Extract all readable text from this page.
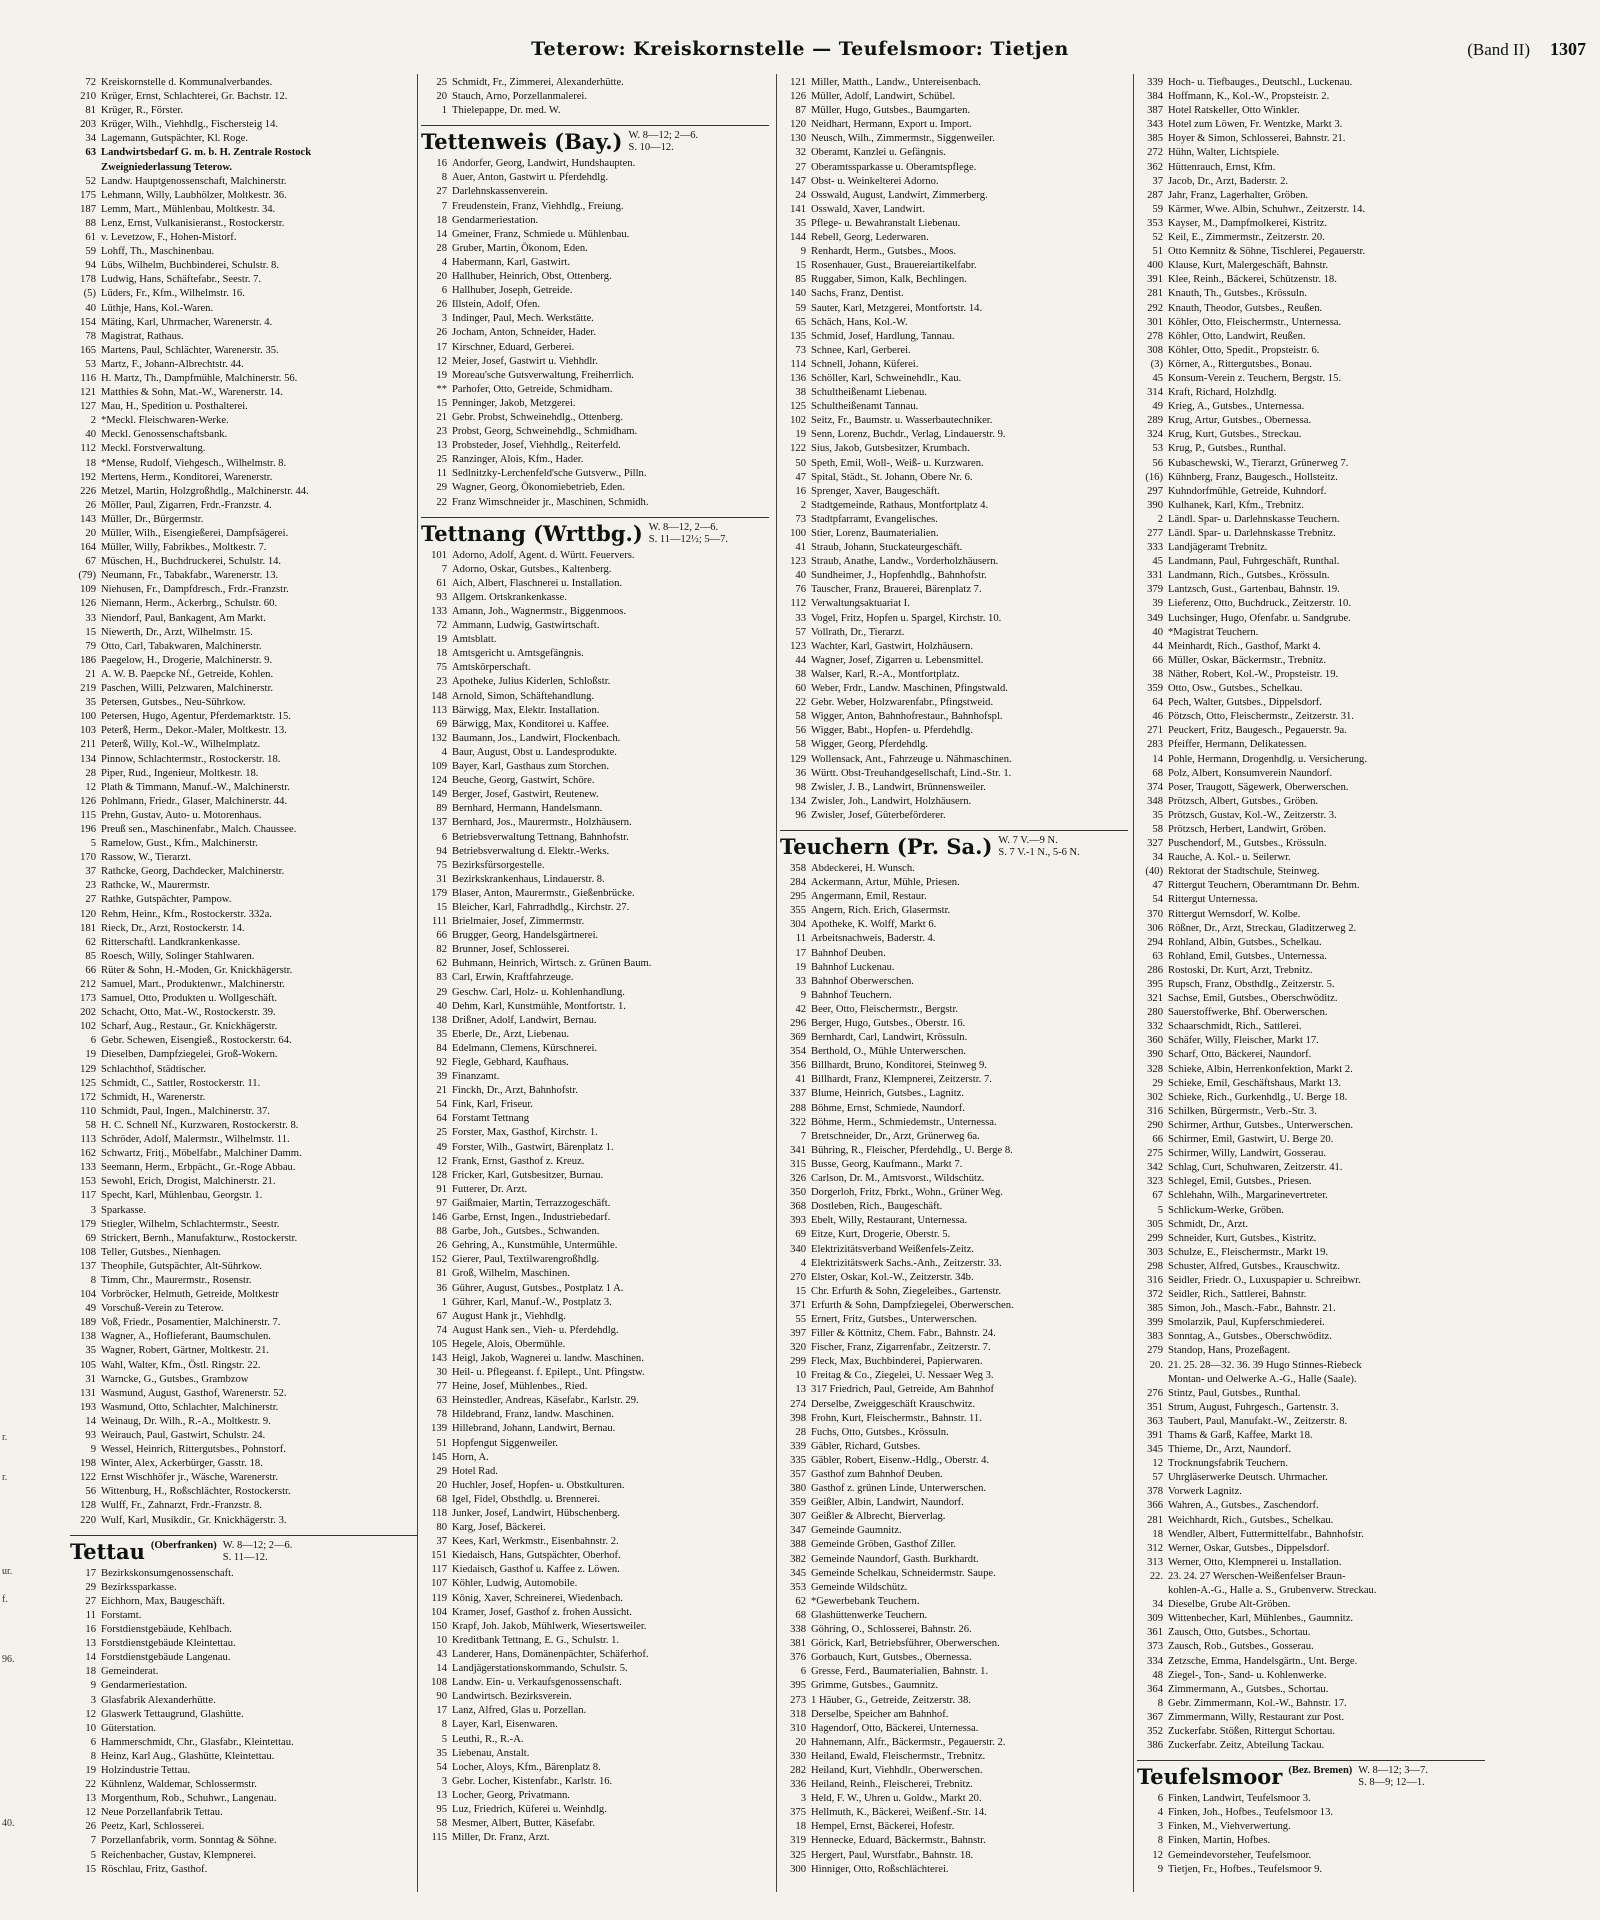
Teterow: Kreiskornstelle — Teufelsmoor: Tietjen	(Band II) 1307
r.
r.
ur.
f.
96.
40.
72 Kreiskornstelle d. Kommunalverbandes.
210 Krüger, Ernst, Schlachterei, Gr. Bachstr. 12.
81 Krüger, R., Förster.
203 Krüger, Wilh., Viehhdlg., Fischersteig 14.
34 Lagemann, Gutspächter, Kl. Roge.
63 Landwirtsbedarf G. m. b. H. Zentrale Rostock
Zweigniederlassung Teterow.
52 Landw. Hauptgenossenschaft, Malchinerstr.
175 Lehmann, Willy, Laubhölzer, Moltkestr. 36.
187 Lemm, Mart., Mühlenbau, Moltkestr. 34.
88 Lenz, Ernst, Vulkanisieranst., Rostockerstr.
61 v. Levetzow, F., Hohen-Mistorf.
59 Lohff, Th., Maschinenbau.
94 Lübs, Wilhelm, Buchbinderei, Schulstr. 8.
178 Ludwig, Hans, Schäftefabr., Seestr. 7.
(5) Lüders, Fr., Kfm., Wilhelmstr. 16.
40 Lüthje, Hans, Kol.-Waren.
154 Mäting, Karl, Uhrmacher, Warenerstr. 4.
78 Magistrat, Rathaus.
165 Martens, Paul, Schlächter, Warenerstr. 35.
53 Martz, F., Johann-Albrechtstr. 44.
116 H. Martz, Th., Dampfmühle, Malchinerstr. 56.
121 Matthies & Sohn, Mat.-W., Warenerstr. 14.
127 Mau, H., Spedition u. Posthalterei.
2 *Meckl. Fleischwaren-Werke.
40 Meckl. Genossenschaftsbank.
112 Meckl. Forstverwaltung.
18 *Mense, Rudolf, Viehgesch., Wilhelmstr. 8.
192 Mertens, Herm., Konditorei, Warenerstr.
226 Metzel, Martin, Holzgroßhdlg., Malchinerstr. 44.
26 Möller, Paul, Zigarren, Frdr.-Franzstr. 4.
143 Müller, Dr., Bürgermstr.
20 Müller, Wilh., Eisengießerei, Dampfsägerei.
164 Müller, Willy, Fabrikbes., Moltkestr. 7.
67 Müschen, H., Buchdruckerei, Schulstr. 14.
(79) Neumann, Fr., Tabakfabr., Warenerstr. 13.
109 Niehusen, Fr., Dampfdresch., Frdr.-Franzstr.
126 Niemann, Herm., Ackerbrg., Schulstr. 60.
33 Niendorf, Paul, Bankagent, Am Markt.
15 Niewerth, Dr., Arzt, Wilhelmstr. 15.
79 Otto, Carl, Tabakwaren, Malchinerstr.
186 Paegelow, H., Drogerie, Malchinerstr. 9.
21 A. W. B. Paepcke Nf., Getreide, Kohlen.
219 Paschen, Willi, Pelzwaren, Malchinerstr.
35 Petersen, Gutsbes., Neu-Sührkow.
100 Petersen, Hugo, Agentur, Pferdemarktstr. 15.
103 Peterß, Herm., Dekor.-Maler, Moltkestr. 13.
211 Peterß, Willy, Kol.-W., Wilhelmplatz.
134 Pinnow, Schlachtermstr., Rostockerstr. 18.
28 Piper, Rud., Ingenieur, Moltkestr. 18.
12 Plath & Timmann, Manuf.-W., Malchinerstr.
126 Pohlmann, Friedr., Glaser, Malchinerstr. 44.
115 Prehn, Gustav, Auto- u. Motorenhaus.
196 Preuß sen., Maschinenfabr., Malch. Chaussee.
5 Ramelow, Gust., Kfm., Malchinerstr.
170 Rassow, W., Tierarzt.
37 Rathcke, Georg, Dachdecker, Malchinerstr.
23 Rathcke, W., Maurermstr.
27 Rathke, Gutspächter, Pampow.
120 Rehm, Heinr., Kfm., Rostockerstr. 332a.
181 Rieck, Dr., Arzt, Rostockerstr. 14.
62 Ritterschaftl. Landkrankenkasse.
85 Roesch, Willy, Solinger Stahlwaren.
66 Rüter & Sohn, H.-Moden, Gr. Knickhägerstr.
212 Samuel, Mart., Produktenwr., Malchinerstr.
173 Samuel, Otto, Produkten u. Wollgeschäft.
202 Schacht, Otto, Mat.-W., Rostockerstr. 39.
102 Scharf, Aug., Restaur., Gr. Knickhägerstr.
6 Gebr. Schewen, Eisengieß., Rostockerstr. 64.
19 Dieselben, Dampfziegelei, Groß-Wokern.
129 Schlachthof, Städtischer.
125 Schmidt, C., Sattler, Rostockerstr. 11.
172 Schmidt, H., Warenerstr.
110 Schmidt, Paul, Ingen., Malchinerstr. 37.
58 H. C. Schnell Nf., Kurzwaren, Rostockerstr. 8.
113 Schröder, Adolf, Malermstr., Wilhelmstr. 11.
162 Schwartz, Fritj., Möbelfabr., Malchiner Damm.
133 Seemann, Herm., Erbpächt., Gr.-Roge Abbau.
153 Sewohl, Erich, Drogist, Malchinerstr. 21.
117 Specht, Karl, Mühlenbau, Georgstr. 1.
3 Sparkasse.
179 Stiegler, Wilhelm, Schlachtermstr., Seestr.
69 Strickert, Bernh., Manufakturw., Rostockerstr.
108 Teller, Gutsbes., Nienhagen.
137 Theophile, Gutspächter, Alt-Sührkow.
8 Timm, Chr., Maurermstr., Rosenstr.
104 Vorbröcker, Helmuth, Getreide, Moltkestr
49 Vorschuß-Verein zu Teterow.
189 Voß, Friedr., Posamentier, Malchinerstr. 7.
138 Wagner, A., Hoflieferant, Baumschulen.
35 Wagner, Robert, Gärtner, Moltkestr. 21.
105 Wahl, Walter, Kfm., Östl. Ringstr. 22.
31 Warncke, G., Gutsbes., Grambzow
131 Wasmund, August, Gasthof, Warenerstr. 52.
193 Wasmund, Otto, Schlachter, Malchinerstr.
14 Weinaug, Dr. Wilh., R.-A., Moltkestr. 9.
93 Weirauch, Paul, Gastwirt, Schulstr. 24.
9 Wessel, Heinrich, Rittergutsbes., Pohnstorf.
198 Winter, Alex, Ackerbürger, Gasstr. 18.
122 Ernst Wischhöfer jr., Wäsche, Warenerstr.
56 Wittenburg, H., Roßschlächter, Rostockerstr.
128 Wulff, Fr., Zahnarzt, Frdr.-Franzstr. 8.
220 Wulf, Karl, Musikdir., Gr. Knickhägerstr. 3.
Tettau (Oberfranken) W. 8—12; 2—6.
S. 11—12.
17 Bezirkskonsumgenossenschaft.
29 Bezirkssparkasse.
27 Eichhorn, Max, Baugeschäft.
11 Forstamt.
16 Forstdienstgebäude, Kehlbach.
13 Forstdienstgebäude Kleintettau.
14 Forstdienstgebäude Langenau.
18 Gemeinderat.
9 Gendarmeriestation.
3 Glasfabrik Alexanderhütte.
12 Glaswerk Tettaugrund, Glashütte.
10 Güterstation.
6 Hammerschmidt, Chr., Glasfabr., Kleintettau.
8 Heinz, Karl Aug., Glashütte, Kleintettau.
19 Holzindustrie Tettau.
22 Kühnlenz, Waldemar, Schlossermstr.
13 Morgenthum, Rob., Schuhwr., Langenau.
12 Neue Porzellanfabrik Tettau.
26 Peetz, Karl, Schlosserei.
7 Porzellanfabrik, vorm. Sonntag & Söhne.
5 Reichenbacher, Gustav, Klempnerei.
15 Röschlau, Fritz, Gasthof.
25 Schmidt, Fr., Zimmerei, Alexanderhütte.
20 Stauch, Arno, Porzellanmalerei.
1 Thielepappe, Dr. med. W.
Tettenweis (Bay.) W. 8—12; 2—6.
S. 10—12.
16 Andorfer, Georg, Landwirt, Hundshaupten.
8 Auer, Anton, Gastwirt u. Pferdehdlg.
27 Darlehnskassenverein.
7 Freudenstein, Franz, Viehhdlg., Freiung.
18 Gendarmeriestation.
14 Gmeiner, Franz, Schmiede u. Mühlenbau.
28 Gruber, Martin, Ökonom, Eden.
4 Habermann, Karl, Gastwirt.
20 Hallhuber, Heinrich, Obst, Ottenberg.
6 Hallhuber, Joseph, Getreide.
26 Illstein, Adolf, Ofen.
3 Indinger, Paul, Mech. Werkstätte.
26 Jocham, Anton, Schneider, Hader.
17 Kirschner, Eduard, Gerberei.
12 Meier, Josef, Gastwirt u. Viehhdlr.
19 Moreau'sche Gutsverwaltung, Freiherrlich.
** Parhofer, Otto, Getreide, Schmidham.
15 Penninger, Jakob, Metzgerei.
21 Gebr. Probst, Schweinehdlg., Ottenberg.
23 Probst, Georg, Schweinehdlg., Schmidham.
13 Probsteder, Josef, Viehhdlg., Reiterfeld.
25 Ranzinger, Alois, Kfm., Hader.
11 Sedlnitzky-Lerchenfeld'sche Gutsverw., Pilln.
29 Wagner, Georg, Ökonomiebetrieb, Eden.
22 Franz Wimschneider jr., Maschinen, Schmidh.
Tettnang (Wrttbg.) W. 8—12, 2—6.
S. 11—12½; 5—7.
101 Adorno, Adolf, Agent. d. Württ. Feuervers.
7 Adorno, Oskar, Gutsbes., Kaltenberg.
61 Aich, Albert, Flaschnerei u. Installation.
93 Allgem. Ortskrankenkasse.
133 Amann, Joh., Wagnermstr., Biggenmoos.
72 Ammann, Ludwig, Gastwirtschaft.
19 Amtsblatt.
18 Amtsgericht u. Amtsgefängnis.
75 Amtskörperschaft.
23 Apotheke, Julius Kiderlen, Schloßstr.
148 Arnold, Simon, Schäftehandlung.
113 Bärwigg, Max, Elektr. Installation.
69 Bärwigg, Max, Konditorei u. Kaffee.
132 Baumann, Jos., Landwirt, Flockenbach.
4 Baur, August, Obst u. Landesprodukte.
109 Bayer, Karl, Gasthaus zum Storchen.
124 Beuche, Georg, Gastwirt, Schöre.
149 Berger, Josef, Gastwirt, Reutenew.
89 Bernhard, Hermann, Handelsmann.
137 Bernhard, Jos., Maurermstr., Holzhäusern.
6 Betriebsverwaltung Tettnang, Bahnhofstr.
94 Betriebsverwaltung d. Elektr.-Werks.
75 Bezirksfürsorgestelle.
31 Bezirkskrankenhaus, Lindauerstr. 8.
179 Blaser, Anton, Maurermstr., Gießenbrücke.
15 Bleicher, Karl, Fahrradhdlg., Kirchstr. 27.
111 Brielmaier, Josef, Zimmermstr.
66 Brugger, Georg, Handelsgärtnerei.
82 Brunner, Josef, Schlosserei.
62 Buhmann, Heinrich, Wirtsch. z. Grünen Baum.
83 Carl, Erwin, Kraftfahrzeuge.
29 Geschw. Carl, Holz- u. Kohlenhandlung.
40 Dehm, Karl, Kunstmühle, Montfortstr. 1.
138 Drißner, Adolf, Landwirt, Bernau.
35 Eberle, Dr., Arzt, Liebenau.
84 Edelmann, Clemens, Kürschnerei.
92 Fiegle, Gebhard, Kaufhaus.
39 Finanzamt.
21 Finckh, Dr., Arzt, Bahnhofstr.
54 Fink, Karl, Friseur.
64 Forstamt Tettnang
25 Forster, Max, Gasthof, Kirchstr. 1.
49 Forster, Wilh., Gastwirt, Bärenplatz 1.
12 Frank, Ernst, Gasthof z. Kreuz.
128 Fricker, Karl, Gutsbesitzer, Burnau.
91 Futterer, Dr. Arzt.
97 Gaißmaier, Martin, Terrazzogeschäft.
146 Garbe, Ernst, Ingen., Industriebedarf.
88 Garbe, Joh., Gutsbes., Schwanden.
26 Gehring, A., Kunstmühle, Untermühle.
152 Gierer, Paul, Textilwarengroßhdlg.
81 Groß, Wilhelm, Maschinen.
36 Gührer, August, Gutsbes., Postplatz 1 A.
1 Gührer, Karl, Manuf.-W., Postplatz 3.
67 August Hank jr., Viehhdlg.
74 August Hank sen., Vieh- u. Pferdehdlg.
105 Hegele, Alois, Obermühle.
143 Heigl, Jakob, Wagnerei u. landw. Maschinen.
30 Heil- u. Pflegeanst. f. Epilept., Unt. Pfingstw.
77 Heine, Josef, Mühlenbes., Ried.
63 Heinstedler, Andreas, Käsefabr., Karlstr. 29.
78 Hildebrand, Franz, landw. Maschinen.
139 Hillebrand, Johann, Landwirt, Bernau.
51 Hopfengut Siggenweiler.
145 Horn, A.
29 Hotel Rad.
20 Huchler, Josef, Hopfen- u. Obstkulturen.
68 Igel, Fidel, Obsthdlg. u. Brennerei.
118 Junker, Josef, Landwirt, Hübschenberg.
80 Karg, Josef, Bäckerei.
37 Kees, Karl, Werkmstr., Eisenbahnstr. 2.
151 Kiedaisch, Hans, Gutspächter, Oberhof.
117 Kiedaisch, Gasthof u. Kaffee z. Löwen.
107 Köhler, Ludwig, Automobile.
119 König, Xaver, Schreinerei, Wiedenbach.
104 Kramer, Josef, Gasthof z. frohen Aussicht.
150 Krapf, Joh. Jakob, Mühlwerk, Wiesertsweiler.
10 Kreditbank Tettnang, E. G., Schulstr. 1.
43 Landerer, Hans, Domänenpächter, Schäferhof.
14 Landjägerstationskommando, Schulstr. 5.
108 Landw. Ein- u. Verkaufsgenossenschaft.
90 Landwirtsch. Bezirksverein.
17 Lanz, Alfred, Glas u. Porzellan.
8 Layer, Karl, Eisenwaren.
5 Leuthi, R., R.-A.
35 Liebenau, Anstalt.
54 Locher, Aloys, Kfm., Bärenplatz 8.
3 Gebr. Locher, Kistenfabr., Karlstr. 16.
13 Locher, Georg, Privatmann.
95 Luz, Friedrich, Küferei u. Weinhdlg.
58 Mesmer, Albert, Butter, Käsefabr.
115 Miller, Dr. Franz, Arzt.
121 Miller, Matth., Landw., Untereisenbach.
126 Müller, Adolf, Landwirt, Schübel.
87 Müller, Hugo, Gutsbes., Baumgarten.
120 Neidhart, Hermann, Export u. Import.
130 Neusch, Wilh., Zimmermstr., Siggenweiler.
32 Oberamt, Kanzlei u. Gefängnis.
27 Oberamtssparkasse u. Oberamtspflege.
147 Obst- u. Weinkelterei Adorno.
24 Osswald, August, Landwirt, Zimmerberg.
141 Osswald, Xaver, Landwirt.
35 Pflege- u. Bewahranstalt Liebenau.
144 Rebell, Georg, Lederwaren.
9 Renhardt, Herm., Gutsbes., Moos.
15 Rosenhauer, Gust., Brauereiartikelfabr.
85 Ruggaber, Simon, Kalk, Bechlingen.
140 Sachs, Franz, Dentist.
59 Sauter, Karl, Metzgerei, Montfortstr. 14.
65 Schäch, Hans, Kol.-W.
135 Schmid, Josef, Hardlung, Tannau.
73 Schnee, Karl, Gerberei.
114 Schnell, Johann, Küferei.
136 Schöller, Karl, Schweinehdlr., Kau.
38 Schultheißenamt Liebenau.
125 Schultheißenamt Tannau.
102 Seitz, Fr., Baumstr. u. Wasserbautechniker.
19 Senn, Lorenz, Buchdr., Verlag, Lindauerstr. 9.
122 Sius, Jakob, Gutsbesitzer, Krumbach.
50 Speth, Emil, Woll-, Weiß- u. Kurzwaren.
47 Spital, Städt., St. Johann, Obere Nr. 6.
16 Sprenger, Xaver, Baugeschäft.
2 Stadtgemeinde, Rathaus, Montfortplatz 4.
73 Stadtpfarramt, Evangelisches.
100 Stier, Lorenz, Baumaterialien.
41 Straub, Johann, Stuckateurgeschäft.
123 Straub, Anathe, Landw., Vorderholzhäusern.
40 Sundheimer, J., Hopfenhdlg., Bahnhofstr.
76 Tauscher, Franz, Brauerei, Bärenplatz 7.
112 Verwaltungsaktuariat I.
33 Vogel, Fritz, Hopfen u. Spargel, Kirchstr. 10.
57 Vollrath, Dr., Tierarzt.
123 Wachter, Karl, Gastwirt, Holzhäusern.
44 Wagner, Josef, Zigarren u. Lebensmittel.
38 Walser, Karl, R.-A., Montfortplatz.
60 Weber, Frdr., Landw. Maschinen, Pfingstwald.
22 Gebr. Weber, Holzwarenfabr., Pfingstweid.
58 Wigger, Anton, Bahnhofrestaur., Bahnhofspl.
56 Wigger, Babt., Hopfen- u. Pferdehdlg.
58 Wigger, Georg, Pferdehdlg.
129 Wollensack, Ant., Fahrzeuge u. Nähmaschinen.
36 Württ. Obst-Treuhandgesellschaft, Lind.-Str. 1.
98 Zwisler, J. B., Landwirt, Brünnensweiler.
134 Zwisler, Joh., Landwirt, Holzhäusern.
96 Zwisler, Josef, Güterbeförderer.
Teuchern (Pr. Sa.) W. 7 V.—9 N.
S. 7 V.-1 N., 5-6 N.
358 Abdeckerei, H. Wunsch.
284 Ackermann, Artur, Mühle, Priesen.
295 Angermann, Emil, Restaur.
355 Angern, Rich. Erich, Glasermstr.
304 Apotheke, K. Wolff, Markt 6.
11 Arbeitsnachweis, Baderstr. 4.
17 Bahnhof Deuben.
19 Bahnhof Luckenau.
33 Bahnhof Oberwerschen.
9 Bahnhof Teuchern.
42 Beer, Otto, Fleischermstr., Bergstr.
296 Berger, Hugo, Gutsbes., Oberstr. 16.
369 Bernhardt, Carl, Landwirt, Krössuln.
354 Berthold, O., Mühle Unterwerschen.
356 Billhardt, Bruno, Konditorei, Steinweg 9.
41 Billhardt, Franz, Klempnerei, Zeitzerstr. 7.
337 Blume, Heinrich, Gutsbes., Lagnitz.
288 Böhme, Ernst, Schmiede, Naundorf.
322 Böhme, Herm., Schmiedemstr., Unternessa.
7 Bretschneider, Dr., Arzt, Grünerweg 6a.
341 Bühring, R., Fleischer, Pferdehdlg., U. Berge 8.
315 Busse, Georg, Kaufmann., Markt 7.
326 Carlson, Dr. M., Amtsvorst., Wildschütz.
350 Dorgerloh, Fritz, Fbrkt., Wohn., Grüner Weg.
368 Dostleben, Rich., Baugeschäft.
393 Ebelt, Willy, Restaurant, Unternessa.
69 Eitze, Kurt, Drogerie, Oberstr. 5.
340 Elektrizitätsverband Weißenfels-Zeitz.
4 Elektrizitätswerk Sachs.-Anh., Zeitzerstr. 33.
270 Elster, Oskar, Kol.-W., Zeitzerstr. 34b.
15 Chr. Erfurth & Sohn, Ziegeleibes., Gartenstr.
371 Erfurth & Sohn, Dampfziegelei, Oberwerschen.
55 Ernert, Fritz, Gutsbes., Unterwerschen.
397 Filler & Köttnitz, Chem. Fabr., Bahnstr. 24.
320 Fischer, Franz, Zigarrenfabr., Zeitzerstr. 7.
299 Fleck, Max, Buchbinderei, Papierwaren.
10 Freitag & Co., Ziegelei, U. Nessaer Weg 3.
13 317 Friedrich, Paul, Getreide, Am Bahnhof
274 Derselbe, Zweiggeschäft Krauschwitz.
398 Frohn, Kurt, Fleischermstr., Bahnstr. 11.
28 Fuchs, Otto, Gutsbes., Krössuln.
339 Gäbler, Richard, Gutsbes.
335 Gäbler, Robert, Eisenw.-Hdlg., Oberstr. 4.
357 Gasthof zum Bahnhof Deuben.
380 Gasthof z. grünen Linde, Unterwerschen.
359 Geißler, Albin, Landwirt, Naundorf.
307 Geißler & Albrecht, Bierverlag.
347 Gemeinde Gaumnitz.
388 Gemeinde Gröben, Gasthof Ziller.
382 Gemeinde Naundorf, Gasth. Burkhardt.
345 Gemeinde Schelkau, Schneidermstr. Saupe.
353 Gemeinde Wildschütz.
62 *Gewerbebank Teuchern.
68 Glashüttenwerke Teuchern.
338 Göhring, O., Schlosserei, Bahnstr. 26.
381 Görick, Karl, Betriebsführer, Oberwerschen.
376 Gorbauch, Kurt, Gutsbes., Obernessa.
6 Gresse, Ferd., Baumaterialien, Bahnstr. 1.
395 Grimme, Gutsbes., Gaumnitz.
273 1 Häuber, G., Getreide, Zeitzerstr. 38.
318 Derselbe, Speicher am Bahnhof.
310 Hagendorf, Otto, Bäckerei, Unternessa.
20 Hahnemann, Alfr., Bäckermstr., Pegauerstr. 2.
330 Heiland, Ewald, Fleischermstr., Trebnitz.
282 Heiland, Kurt, Viehhdlr., Oberwerschen.
336 Heiland, Reinh., Fleischerei, Trebnitz.
3 Held, F. W., Uhren u. Goldw., Markt 20.
375 Hellmuth, K., Bäckerei, Weißenf.-Str. 14.
18 Hempel, Ernst, Bäckerei, Hofestr.
319 Hennecke, Eduard, Bäckermstr., Bahnstr.
325 Hergert, Paul, Wurstfabr., Bahnstr. 18.
300 Hinniger, Otto, Roßschlächterei.
339 Hoch- u. Tiefbauges., Deutschl., Luckenau.
384 Hoffmann, K., Kol.-W., Propsteistr. 2.
387 Hotel Ratskeller, Otto Winkler.
343 Hotel zum Löwen, Fr. Wentzke, Markt 3.
385 Hoyer & Simon, Schlosserei, Bahnstr. 21.
272 Hühn, Walter, Lichtspiele.
362 Hüttenrauch, Ernst, Kfm.
37 Jacob, Dr., Arzt, Baderstr. 2.
287 Jahr, Franz, Lagerhalter, Gröben.
59 Kärmer, Wwe. Albin, Schuhwr., Zeitzerstr. 14.
353 Kayser, M., Dampfmolkerei, Kistritz.
52 Keil, E., Zimmermstr., Zeitzerstr. 20.
51 Otto Kemnitz & Söhne, Tischlerei, Pegauerstr.
400 Klause, Kurt, Malergeschäft, Bahnstr.
391 Klee, Reinh., Bäckerei, Schützenstr. 18.
281 Knauth, Th., Gutsbes., Krössuln.
292 Knauth, Theodor, Gutsbes., Reußen.
301 Köhler, Otto, Fleischermstr., Unternessa.
278 Köhler, Otto, Landwirt, Reußen.
308 Köhler, Otto, Spedit., Propsteistr. 6.
(3) Körner, A., Rittergutsbes., Bonau.
45 Konsum-Verein z. Teuchern, Bergstr. 15.
314 Kraft, Richard, Holzhdlg.
49 Krieg, A., Gutsbes., Unternessa.
289 Krug, Artur, Gutsbes., Obernessa.
324 Krug, Kurt, Gutsbes., Streckau.
53 Krug, P., Gutsbes., Runthal.
56 Kubaschewski, W., Tierarzt, Grünerweg 7.
(16) Kühnberg, Franz, Baugesch., Hollsteitz.
297 Kuhndorfmühle, Getreide, Kuhndorf.
390 Kulhanek, Karl, Kfm., Trebnitz.
2 Ländl. Spar- u. Darlehnskasse Teuchern.
277 Ländl. Spar- u. Darlehnskasse Trebnitz.
333 Landjägeramt Trebnitz.
45 Landmann, Paul, Fuhrgeschäft, Runthal.
331 Landmann, Rich., Gutsbes., Krössuln.
379 Lantzsch, Gust., Gartenbau, Bahnstr. 19.
39 Lieferenz, Otto, Buchdruck., Zeitzerstr. 10.
349 Luchsinger, Hugo, Ofenfabr. u. Sandgrube.
40 *Magistrat Teuchern.
44 Meinhardt, Rich., Gasthof, Markt 4.
66 Müller, Oskar, Bäckermstr., Trebnitz.
38 Näther, Robert, Kol.-W., Propsteistr. 19.
359 Otto, Osw., Gutsbes., Schelkau.
64 Pech, Walter, Gutsbes., Dippelsdorf.
46 Pötzsch, Otto, Fleischermstr., Zeitzerstr. 31.
271 Peuckert, Fritz, Baugesch., Pegauerstr. 9a.
283 Pfeiffer, Hermann, Delikatessen.
14 Pohle, Hermann, Drogenhdlg. u. Versicherung.
68 Polz, Albert, Konsumverein Naundorf.
374 Poser, Traugott, Sägewerk, Oberwerschen.
348 Prötzsch, Albert, Gutsbes., Gröben.
35 Prötzsch, Gustav, Kol.-W., Zeitzerstr. 3.
58 Prötzsch, Herbert, Landwirt, Gröben.
327 Puschendorf, M., Gutsbes., Krössuln.
34 Rauche, A. Kol.- u. Seilerwr.
(40) Rektorat der Stadtschule, Steinweg.
47 Rittergut Teuchern, Oberamtmann Dr. Behm.
54 Rittergut Unternessa.
370 Rittergut Wernsdorf, W. Kolbe.
306 Rößner, Dr., Arzt, Streckau, Gladitzerweg 2.
294 Rohland, Albin, Gutsbes., Schelkau.
63 Rohland, Emil, Gutsbes., Unternessa.
286 Rostoski, Dr. Kurt, Arzt, Trebnitz.
395 Rupsch, Franz, Obsthdlg., Zeitzerstr. 5.
321 Sachse, Emil, Gutsbes., Oberschwöditz.
280 Sauerstoffwerke, Bhf. Oberwerschen.
332 Schaarschmidt, Rich., Sattlerei.
360 Schäfer, Willy, Fleischer, Markt 17.
390 Scharf, Otto, Bäckerei, Naundorf.
328 Schieke, Albin, Herrenkonfektion, Markt 2.
29 Schieke, Emil, Geschäftshaus, Markt 13.
302 Schieke, Rich., Gurkenhdlg., U. Berge 18.
316 Schilken, Bürgermstr., Verb.-Str. 3.
290 Schirmer, Arthur, Gutsbes., Unterwerschen.
66 Schirmer, Emil, Gastwirt, U. Berge 20.
275 Schirmer, Willy, Landwirt, Gosserau.
342 Schlag, Curt, Schuhwaren, Zeitzerstr. 41.
323 Schlegel, Emil, Gutsbes., Priesen.
67 Schlehahn, Wilh., Margarinevertreter.
5 Schlickum-Werke, Gröben.
305 Schmidt, Dr., Arzt.
299 Schneider, Kurt, Gutsbes., Kistritz.
303 Schulze, E., Fleischermstr., Markt 19.
298 Schuster, Alfred, Gutsbes., Krauschwitz.
316 Seidler, Friedr. O., Luxuspapier u. Schreibwr.
372 Seidler, Rich., Sattlerei, Bahnstr.
385 Simon, Joh., Masch.-Fabr., Bahnstr. 21.
399 Smolarzik, Paul, Kupferschmiederei.
383 Sonntag, A., Gutsbes., Oberschwöditz.
279 Standop, Hans, Prozeßagent.
20. 21. 25. 28—32. 36. 39 Hugo Stinnes-Riebeck
Montan- und Oelwerke A.-G., Halle (Saale).
276 Stintz, Paul, Gutsbes., Runthal.
351 Strum, August, Fuhrgesch., Gartenstr. 3.
363 Taubert, Paul, Manufakt.-W., Zeitzerstr. 8.
391 Thams & Garß, Kaffee, Markt 18.
345 Thieme, Dr., Arzt, Naundorf.
12 Trocknungsfabrik Teuchern.
57 Uhrgläserwerke Deutsch. Uhrmacher.
378 Vorwerk Lagnitz.
366 Wahren, A., Gutsbes., Zaschendorf.
281 Weichhardt, Rich., Gutsbes., Schelkau.
18 Wendler, Albert, Futtermittelfabr., Bahnhofstr.
312 Werner, Oskar, Gutsbes., Dippelsdorf.
313 Werner, Otto, Klempnerei u. Installation.
22. 23. 24. 27 Werschen-Weißenfelser Braun-
kohlen-A.-G., Halle a. S., Grubenverw. Streckau.
34 Dieselbe, Grube Alt-Gröben.
309 Wittenbecher, Karl, Mühlenbes., Gaumnitz.
361 Zausch, Otto, Gutsbes., Schortau.
373 Zausch, Rob., Gutsbes., Gosserau.
334 Zetzsche, Emma, Handelsgärtn., Unt. Berge.
48 Ziegel-, Ton-, Sand- u. Kohlenwerke.
364 Zimmermann, A., Gutsbes., Schortau.
8 Gebr. Zimmermann, Kol.-W., Bahnstr. 17.
367 Zimmermann, Willy, Restaurant zur Post.
352 Zuckerfabr. Stößen, Rittergut Schortau.
386 Zuckerfabr. Zeitz, Abteilung Tackau.
Teufelsmoor (Bez. Bremen) W. 8—12; 3—7.
S. 8—9; 12—1.
6 Finken, Landwirt, Teufelsmoor 3.
4 Finken, Joh., Hofbes., Teufelsmoor 13.
3 Finken, M., Viehverwertung.
8 Finken, Martin, Hofbes.
12 Gemeindevorsteher, Teufelsmoor.
9 Tietjen, Fr., Hofbes., Teufelsmoor 9.
